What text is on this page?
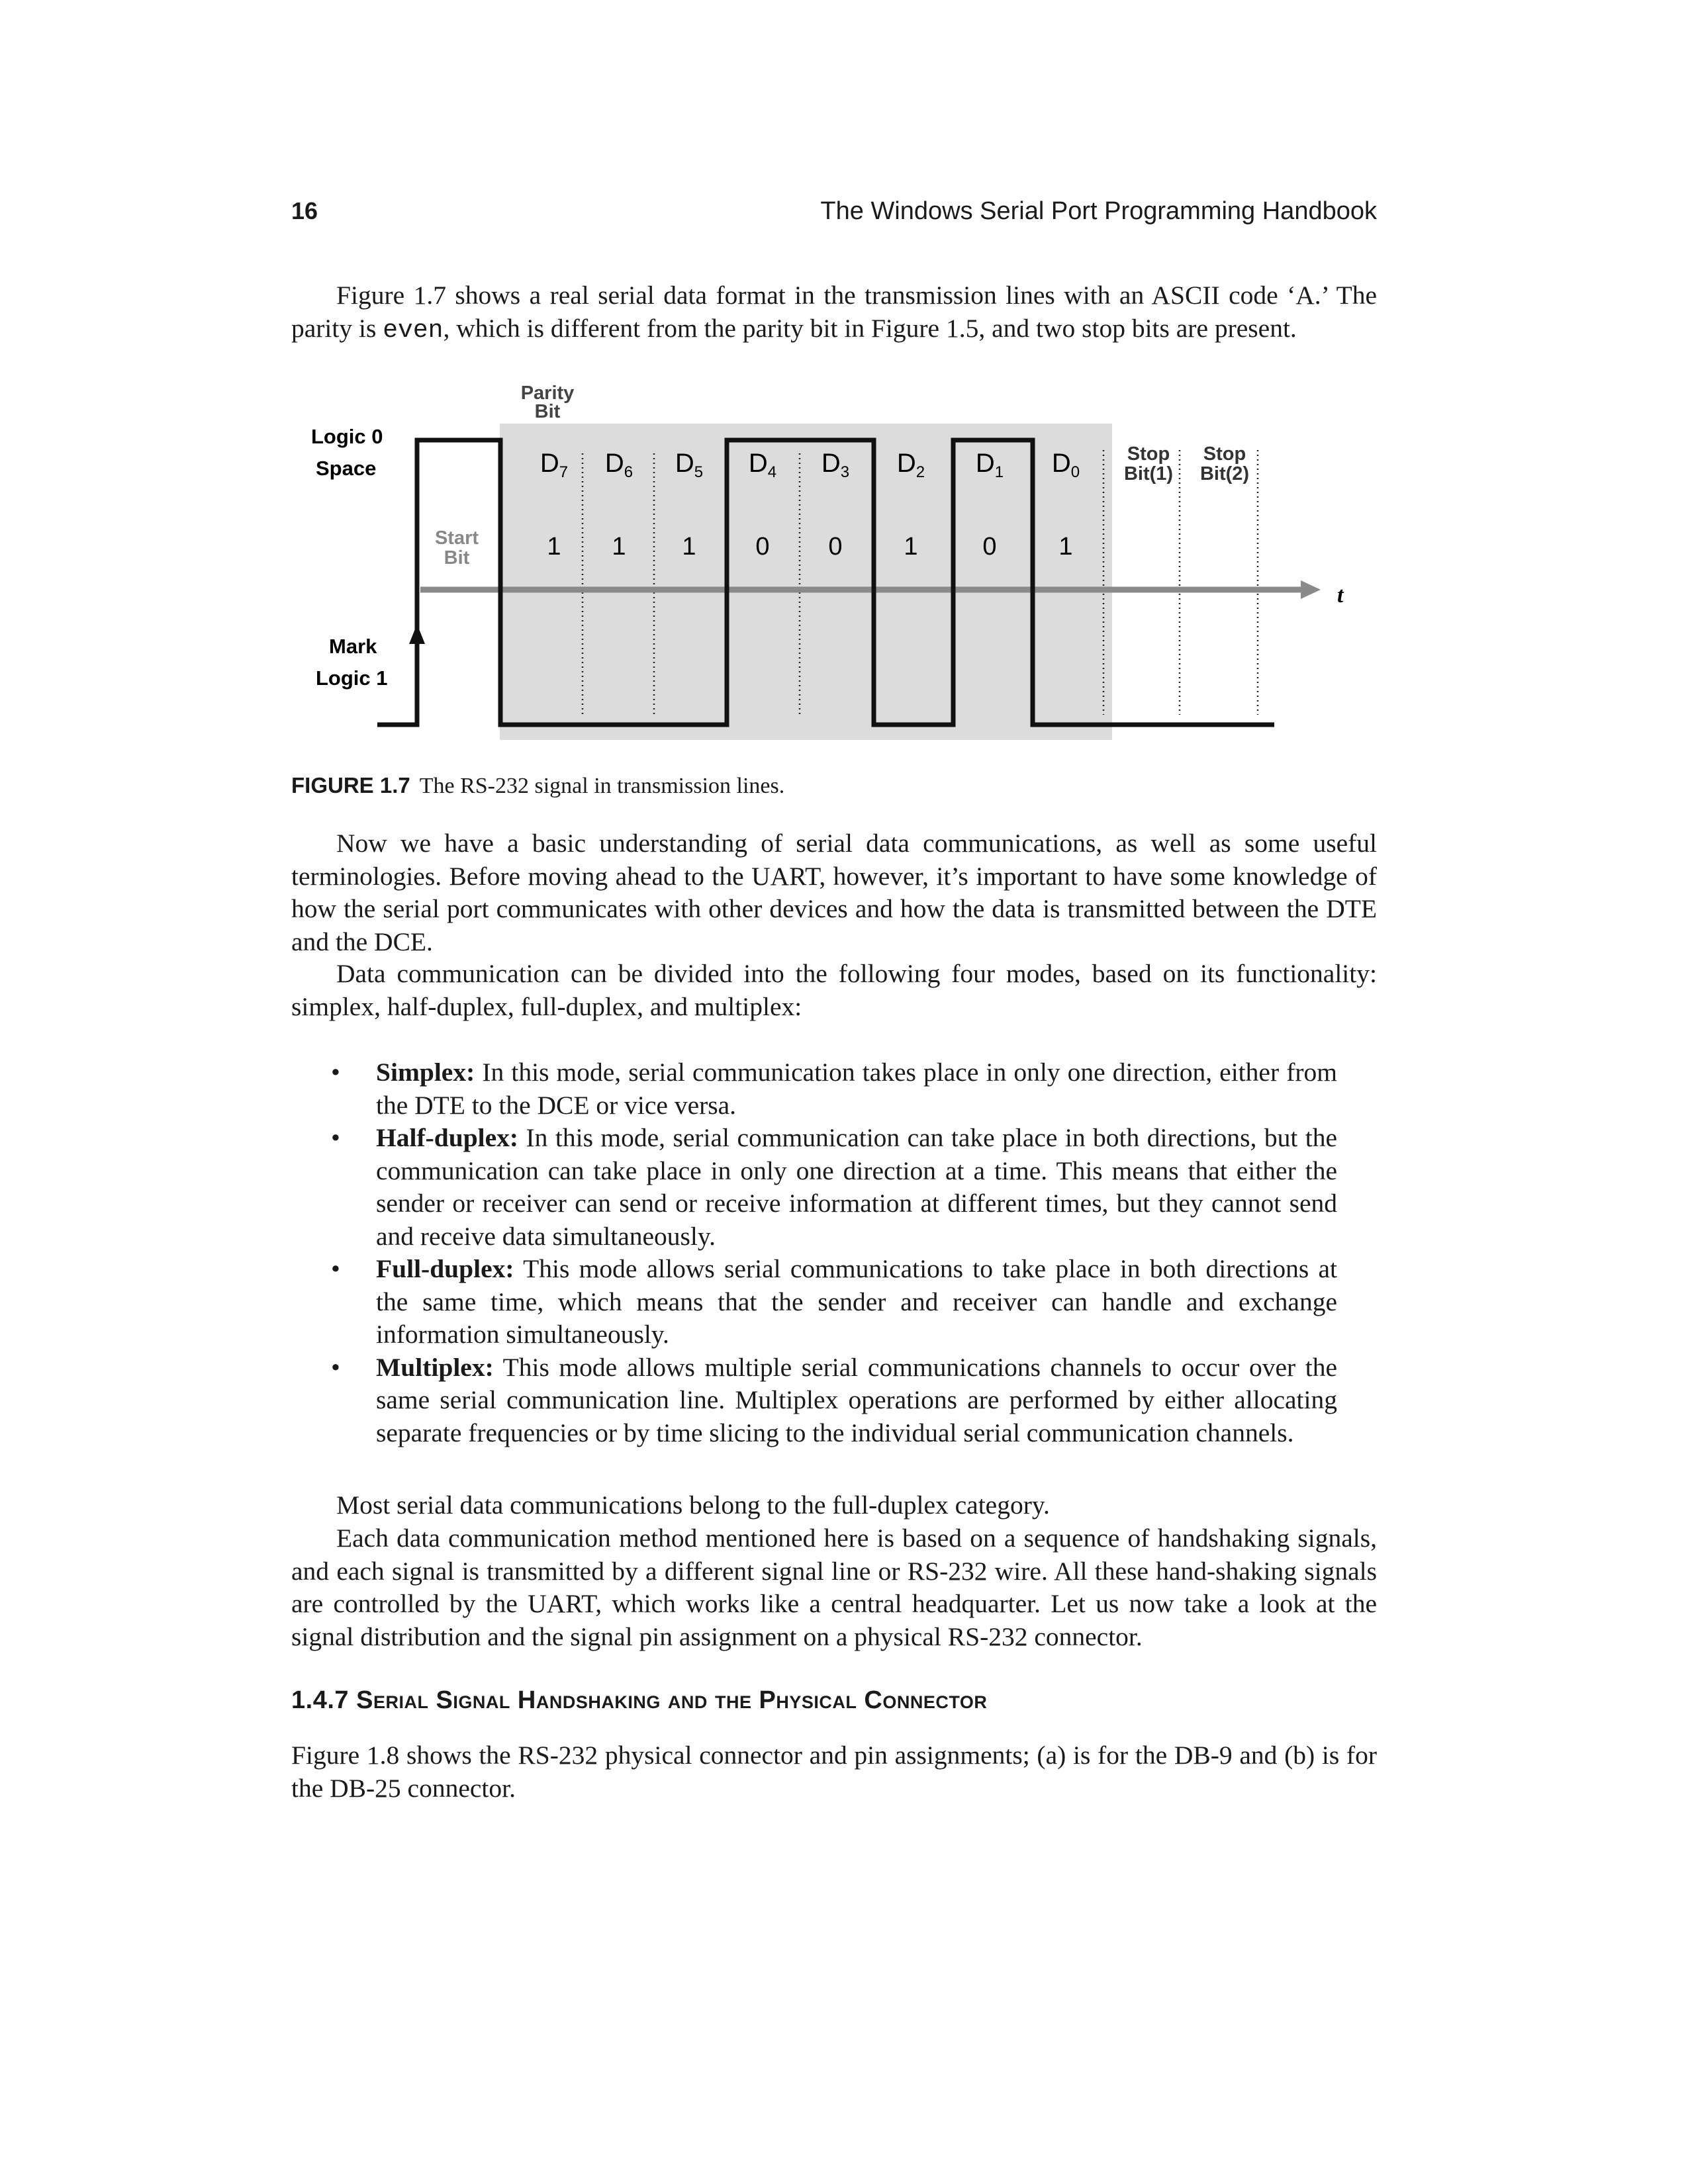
16	The Windows Serial Port Programming Handbook

Figure 1.7 shows a real serial data format in the transmission lines with an ASCII code ‘A.’ The parity is even, which is different from the parity bit in Figure 1.5, and two stop bits are present.

Logic 0
Space
Mark
Logic 1
Parity
Bit
Start
Bit
Stop
Bit(1)
Stop
Bit(2)
t
$D_7$
1
$D_6$
1
$D_5$
1
$D_4$
0
$D_3$
0
$D_2$
1
$D_1$
0
$D_0$
1
FIGURE 1.7 The RS-232 signal in transmission lines.

Now we have a basic understanding of serial data communications, as well as some useful terminologies. Before moving ahead to the UART, however, it’s important to have some knowledge of how the serial port communicates with other devices and how the data is transmitted between the DTE and the DCE.

Data communication can be divided into the following four modes, based on its functionality: simplex, half-duplex, full-duplex, and multiplex:

• Simplex: In this mode, serial communication takes place in only one direction, either from the DTE to the DCE or vice versa.
• Half-duplex: In this mode, serial communication can take place in both directions, but the communication can take place in only one direction at a time. This means that either the sender or receiver can send or receive information at different times, but they cannot send and receive data simultaneously.
• Full-duplex: This mode allows serial communications to take place in both directions at the same time, which means that the sender and receiver can handle and exchange information simultaneously.
• Multiplex: This mode allows multiple serial communications channels to occur over the same serial communication line. Multiplex operations are performed by either allocating separate frequencies or by time slicing to the individual serial communication channels.

Most serial data communications belong to the full-duplex category.

Each data communication method mentioned here is based on a sequence of handshaking signals, and each signal is transmitted by a different signal line or RS-232 wire. All these hand-shaking signals are controlled by the UART, which works like a central headquarter. Let us now take a look at the signal distribution and the signal pin assignment on a physical RS-232 connector.

1.4.7 Serial Signal Handshaking and the Physical Connector

Figure 1.8 shows the RS-232 physical connector and pin assignments; (a) is for the DB-9 and (b) is for the DB-25 connector.
